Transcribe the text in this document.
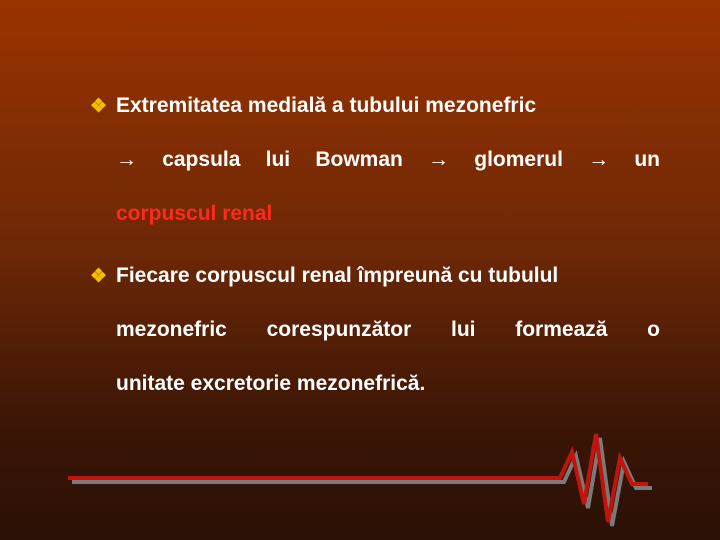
❖ Extremitatea medială a tubului mezonefric
→ capsula lui Bowman → glomerul → un
corpuscul renal
❖ Fiecare corpuscul renal împreună cu tubulul
mezonefric corespunzător lui formează o
unitate excretorie mezonefrică.
